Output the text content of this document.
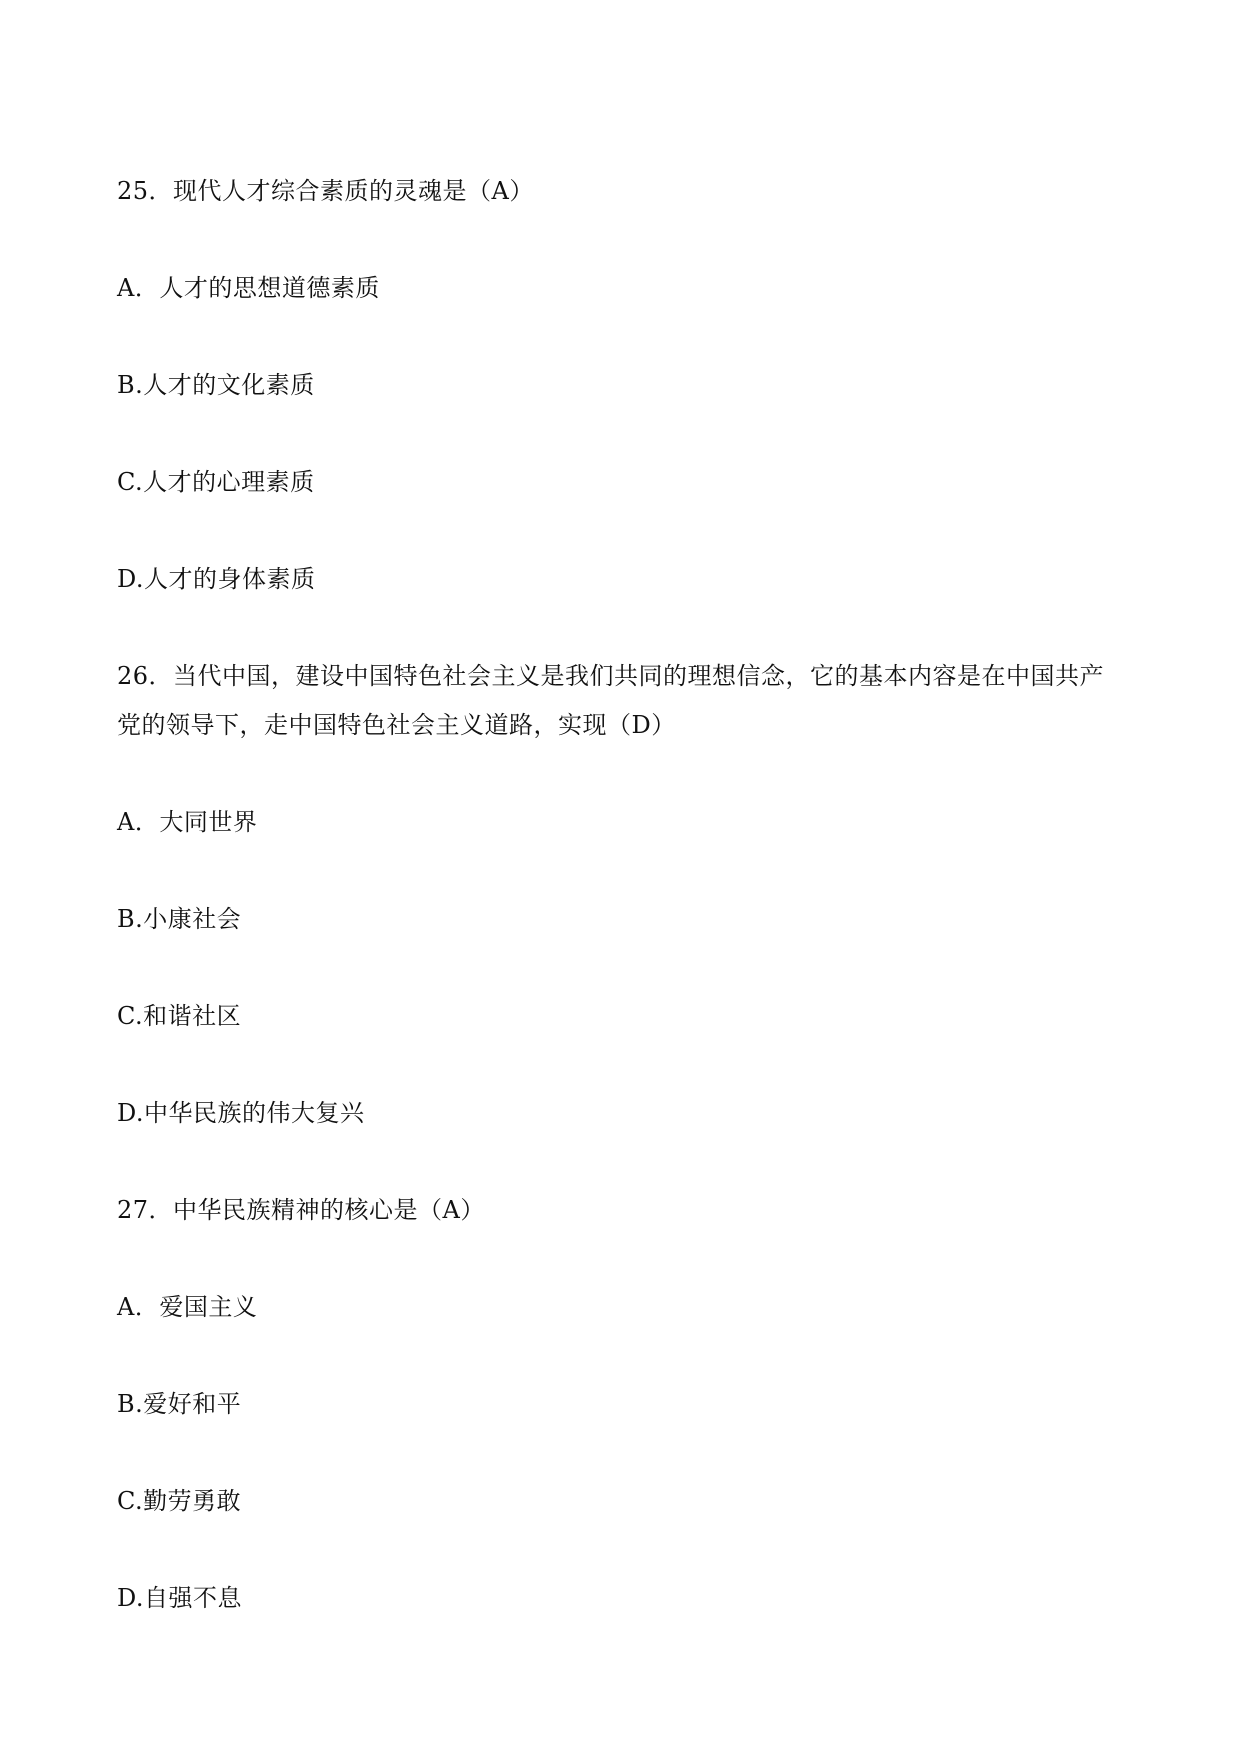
25．现代人才综合素质的灵魂是（A）
A．人才的思想道德素质
B.人才的文化素质
C.人才的心理素质
D.人才的身体素质
26．当代中国，建设中国特色社会主义是我们共同的理想信念，它的基本内容是在中国共产
党的领导下，走中国特色社会主义道路，实现（D）
A．大同世界
B.小康社会
C.和谐社区
D.中华民族的伟大复兴
27．中华民族精神的核心是（A）
A．爱国主义
B.爱好和平
C.勤劳勇敢
D.自强不息
